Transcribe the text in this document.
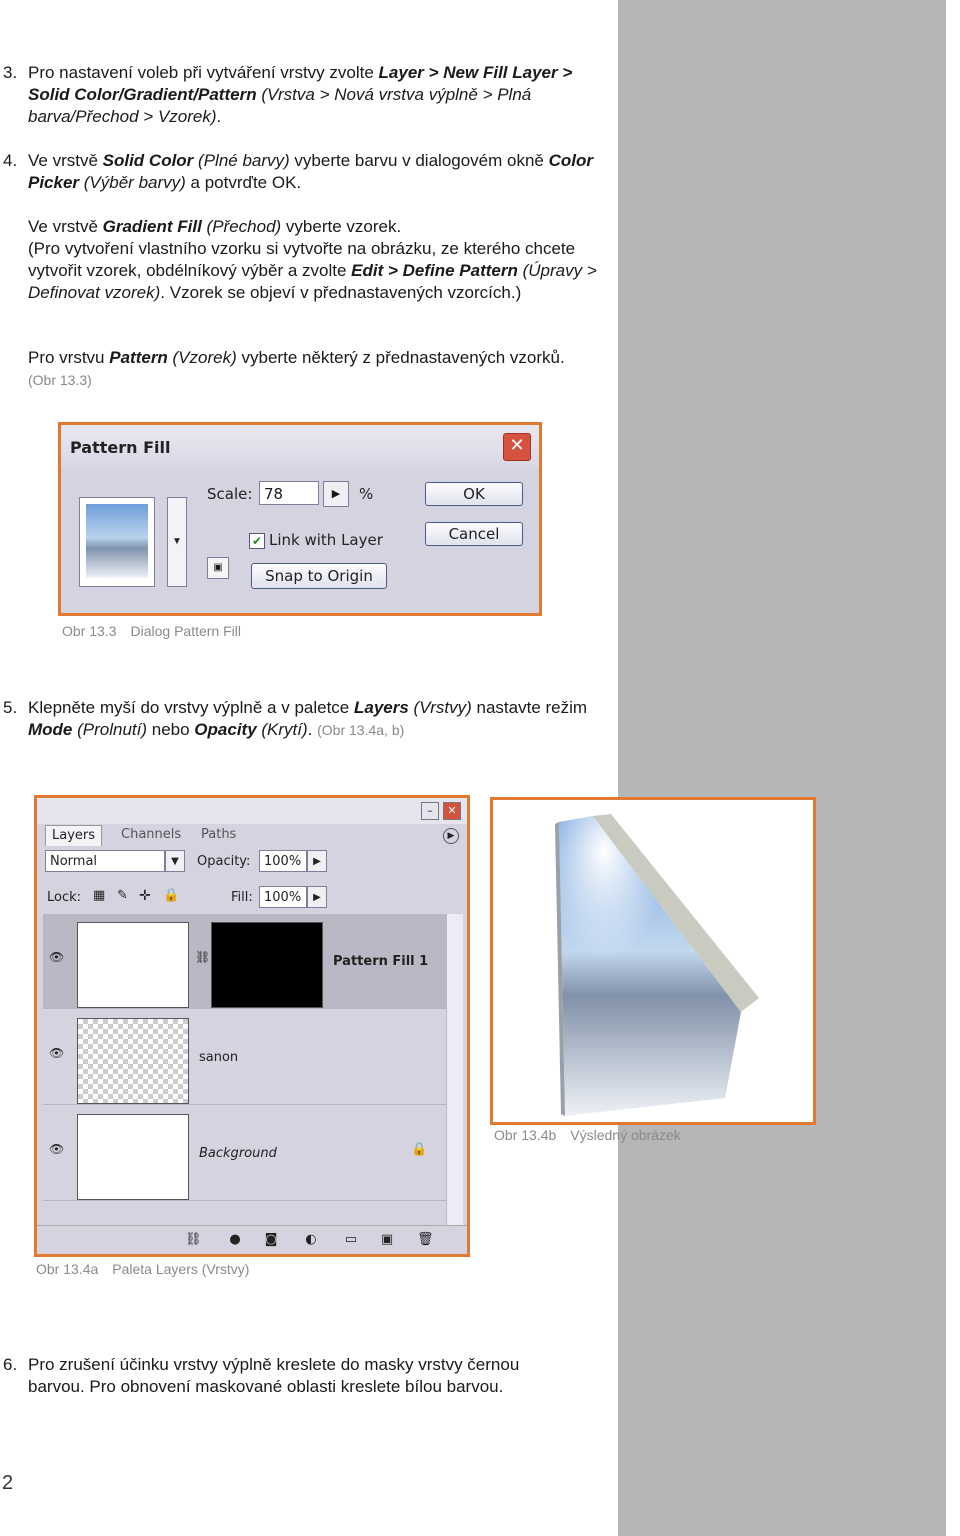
3. Pro nastavení voleb při vytváření vrstvy zvolte Layer > New Fill Layer > Solid Color/Gradient/Pattern (Vrstva > Nová vrstva výplně > Plná barva/Přechod > Vzorek).

4. Ve vrstvě Solid Color (Plné barvy) vyberte barvu v dialogovém okně Color Picker (Výběr barvy) a potvrďte OK.

Ve vrstvě Gradient Fill (Přechod) vyberte vzorek.
(Pro vytvoření vlastního vzorku si vytvořte na obrázku, ze kterého chcete vytvořit vzorek, obdélníkový výběr a zvolte Edit > Define Pattern (Úpravy > Definovat vzorek). Vzorek se objeví v přednastavených vzorcích.)

Pro vrstvu Pattern (Vzorek) vyberte některý z přednastavených vzorků.
(Obr 13.3)

Pattern Fill	✕
▼
Scale: 78	▶	%	OK
Cancel
✔ Link with Layer
▣	Snap to Origin
Obr 13.3 Dialog Pattern Fill
5. Klepněte myší do vrstvy výplně a v paletce Layers (Vrstvy) nastavte režim Mode (Prolnutí) nebo Opacity (Krytí). (Obr 13.4a, b)

–	✕
Layers	Channels	Paths	▶
Normal	▼	Opacity:	100%	▶
Lock: ▦ ✎ ✛ 🔒	Fill: 100%	▶
👁	⛓	Pattern Fill 1
👁	sanon
👁	Background	🔒
⛓ ● ◙ ◐ ▭ ▣ 🗑
Obr 13.4a Paleta Layers (Vrstvy)
Obr 13.4b Výsledný obrázek
6. Pro zrušení účinku vrstvy výplně kreslete do masky vrstvy černou barvou. Pro obnovení maskované oblasti kreslete bílou barvou.

2
